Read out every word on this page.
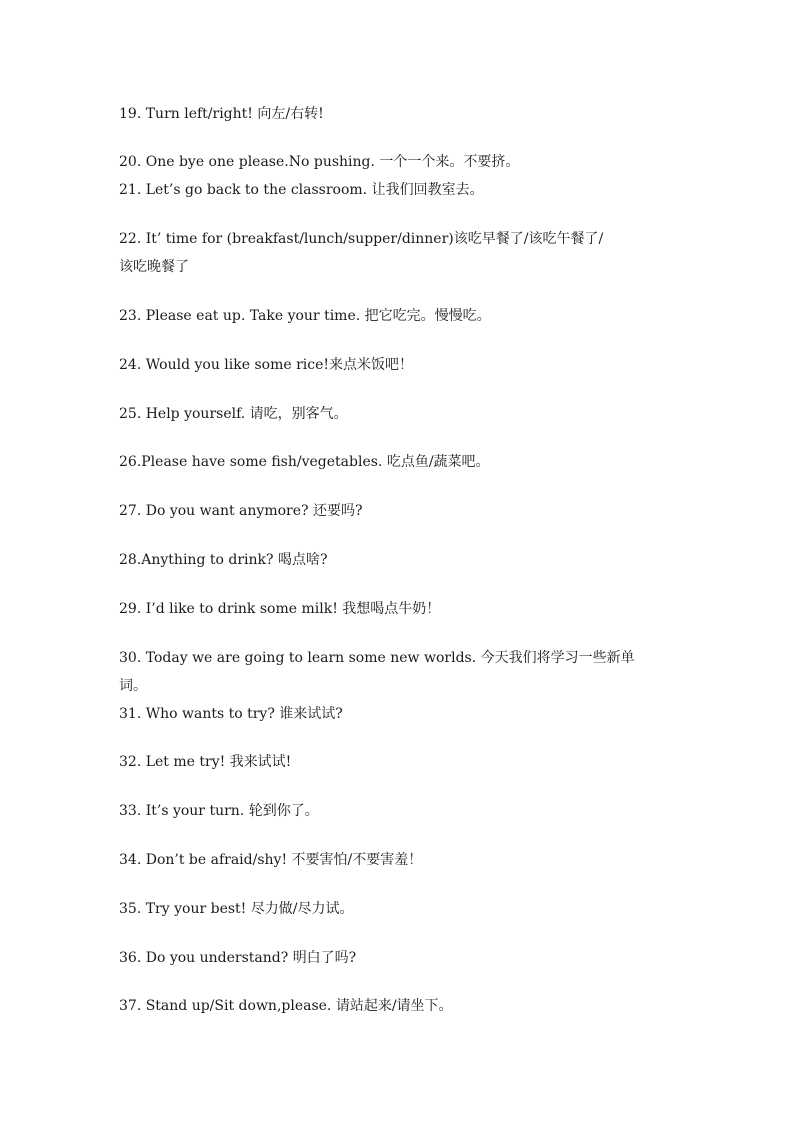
19. Turn left/right! 向左/右转!
20. One bye one please.No pushing. 一个一个来。不要挤。
21. Let’s go back to the classroom. 让我们回教室去。
22. It’ time for (breakfast/lunch/supper/dinner)该吃早餐了/该吃午餐了/
该吃晚餐了
23. Please eat up. Take your time. 把它吃完。慢慢吃。
24. Would you like some rice!来点米饭吧！
25. Help yourself. 请吃，别客气。
26.Please have some fish/vegetables. 吃点鱼/蔬菜吧。
27. Do you want anymore? 还要吗?
28.Anything to drink? 喝点啥?
29. I’d like to drink some milk! 我想喝点牛奶！
30. Today we are going to learn some new worlds. 今天我们将学习一些新单
词。
31. Who wants to try? 谁来试试?
32. Let me try! 我来试试!
33. It’s your turn. 轮到你了。
34. Don’t be afraid/shy! 不要害怕/不要害羞！
35. Try your best! 尽力做/尽力试。
36. Do you understand? 明白了吗?
37. Stand up/Sit down,please. 请站起来/请坐下。
